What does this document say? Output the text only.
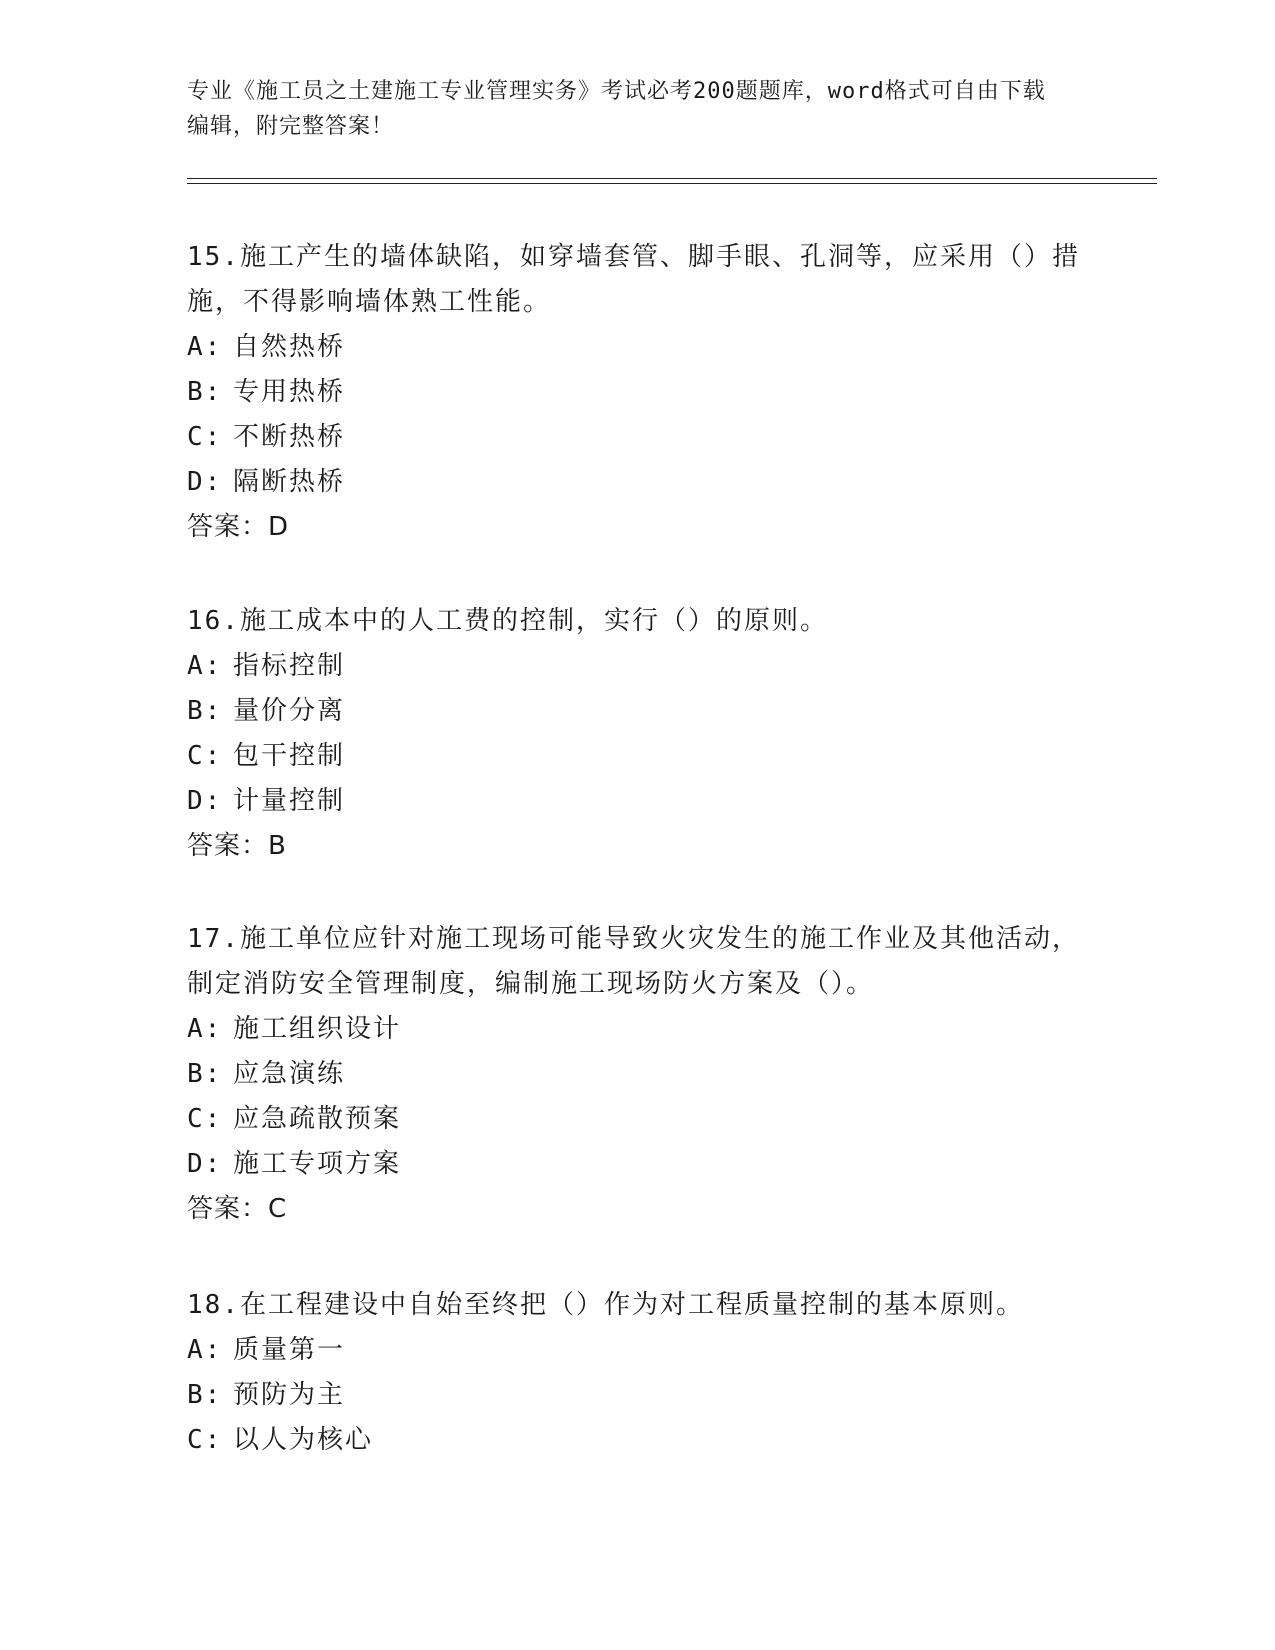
专业《施工员之土建施工专业管理实务》考试必考200题题库，word格式可自由下载编辑，附完整答案！

15.施工产生的墙体缺陷，如穿墙套管、脚手眼、孔洞等，应采用（）措施，不得影响墙体熟工性能。

A: 自然热桥

B: 专用热桥

C: 不断热桥

D: 隔断热桥

答案：D

16.施工成本中的人工费的控制，实行（）的原则。

A: 指标控制

B: 量价分离

C: 包干控制

D: 计量控制

答案：B

17.施工单位应针对施工现场可能导致火灾发生的施工作业及其他活动，制定消防安全管理制度，编制施工现场防火方案及（）。

A: 施工组织设计

B: 应急演练

C: 应急疏散预案

D: 施工专项方案

答案：C

18.在工程建设中自始至终把（）作为对工程质量控制的基本原则。

A: 质量第一

B: 预防为主

C: 以人为核心
